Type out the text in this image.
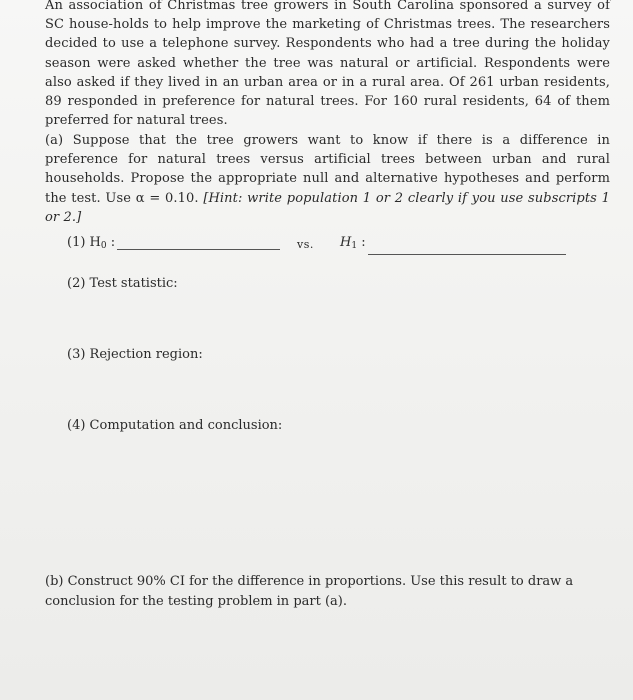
An association of Christmas tree growers in South Carolina sponsored a survey of SC house-holds to help improve the marketing of Christmas trees. The researchers decided to use a telephone survey. Respondents who had a tree during the holiday season were asked whether the tree was natural or artificial. Respondents were also asked if they lived in an urban area or in a rural area. Of 261 urban residents, 89 responded in preference for natural trees. For 160 rural residents, 64 of them preferred for natural trees.
(a) Suppose that the tree growers want to know if there is a difference in preference for natural trees versus artificial trees between urban and rural households. Propose the appropriate null and alternative hypotheses and perform the test. Use α = 0.10. [Hint: write population 1 or 2 clearly if you use subscripts 1 or 2.]
(1) $H_0$ :	vs. $H_1$ :
(2) Test statistic:
(3) Rejection region:
(4) Computation and conclusion:
(b) Construct 90% CI for the difference in proportions. Use this result to draw a conclusion for the testing problem in part (a).
